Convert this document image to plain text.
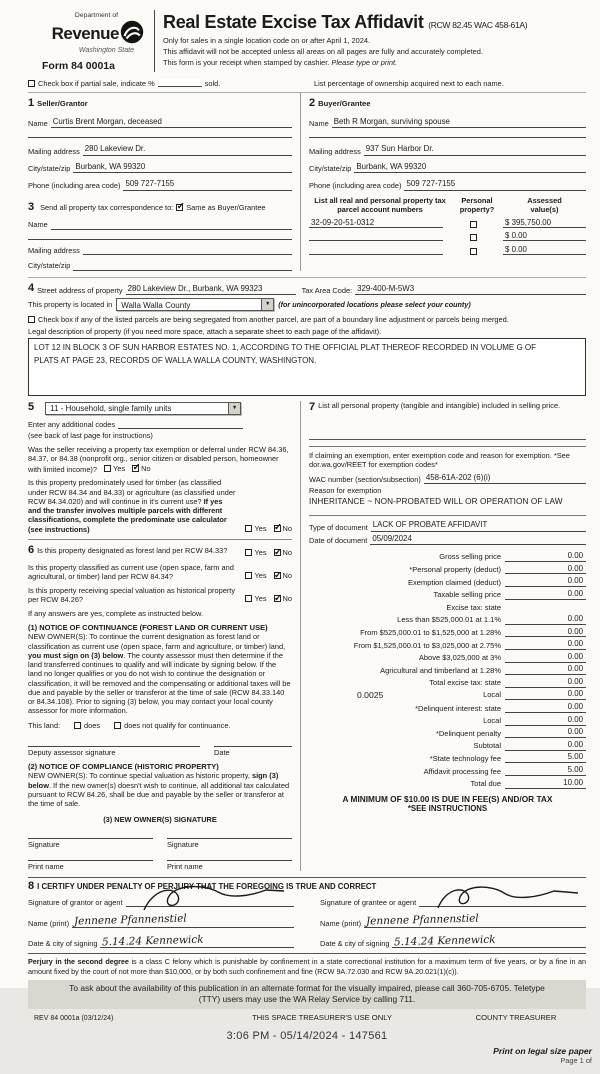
Department of
Revenue
Washington State
Form 84 0001a
Real Estate Excise Tax Affidavit (RCW 82.45 WAC 458-61A)
Only for sales in a single location code on or after April 1, 2024.
This affidavit will not be accepted unless all areas on all pages are fully and accurately completed.
This form is your receipt when stamped by cashier. Please type or print.
Check box if partial sale, indicate %	sold.	List percentage of ownership acquired next to each name.
1 Seller/Grantor
Name Curtis Brent Morgan, deceased
Mailing address 280 Lakeview Dr.
City/state/zip Burbank, WA 99320
Phone (including area code) 509 727-7155
3 Send all property tax correspondence to: ✓ Same as Buyer/Grantee
Name
Mailing address
City/state/zip
2 Buyer/Grantee
Name Beth R Morgan, surviving spouse
Mailing address 937 Sun Harbor Dr.
City/state/zip Burbank, WA 99320
Phone (including area code) 509 727-7155
List all real and personal property tax
parcel account numbers
Personal
property?
Assessed
value(s)
32-09-20-51-0312	$ 395,750.00
$ 0.00
$ 0.00
4 Street address of property 280 Lakeview Dr., Burbank, WA 99323	Tax Area Code: 329-400-M-5W3
This property is located in	Walla Walla County	▼	(for unincorporated locations please select your county)
Check box if any of the listed parcels are being segregated from another parcel, are part of a boundary line adjustment or parcels being merged.
Legal description of property (if you need more space, attach a separate sheet to each page of the affidavit).
LOT 12 IN BLOCK 3 OF SUN HARBOR ESTATES NO. 1, ACCORDING TO THE OFFICIAL PLAT THEREOF RECORDED IN VOLUME G OF
PLATS AT PAGE 23, RECORDS OF WALLA WALLA COUNTY, WASHINGTON.
5	11 - Household, single family units	▼
Enter any additional codes
(see back of last page for instructions)
Was the seller receiving a property tax exemption or deferral under RCW 84.36, 84.37, or 84.38 (nonprofit org., senior citizen or disabled person, homeowner with limited income)? Yes ✓ No
Is this property predominately used for timber (as classified under RCW 84.34 and 84.33) or agriculture (as classified under RCW 84.34.020) and will continue in it's current use? If yes and the transfer involves multiple parcels with different classifications, complete the predominate use calculator (see instructions)	Yes ✓ No
6 Is this property designated as forest land per RCW 84.33?	Yes ✓ No
Is this property classified as current use (open space, farm and agricultural, or timber) land per RCW 84.34?	Yes ✓ No
Is this property receiving special valuation as historical property per RCW 84.26?	Yes ✓ No
If any answers are yes, complete as instructed below.
(1) NOTICE OF CONTINUANCE (FOREST LAND OR CURRENT USE)
NEW OWNER(S): To continue the current designation as forest land or classification as current use (open space, farm and agriculture, or timber) land, you must sign on (3) below. The county assessor must then determine if the land transferred continues to qualify and will indicate by signing below. If the land no longer qualifies or you do not wish to continue the designation or classification, it will be removed and the compensating or additional taxes will be due and payable by the seller or transferor at the time of sale (RCW 84.33.140 or 84.34.108). Prior to signing (3) below, you may contact your local county assessor for more information.
This land:	does	does not qualify for continuance.
Deputy assessor signature	Date
(2) NOTICE OF COMPLIANCE (HISTORIC PROPERTY)
NEW OWNER(S): To continue special valuation as historic property, sign (3) below. If the new owner(s) doesn't wish to continue, all additional tax calculated pursuant to RCW 84.26, shall be due and payable by the seller or transferor at the time of sale.
(3) NEW OWNER(S) SIGNATURE
Signature	Signature
Print name	Print name
7 List all personal property (tangible and intangible) included in selling price.
If claiming an exemption, enter exemption code and reason for exemption. *See dor.wa.gov/REET for exemption codes*
WAC number (section/subsection) 458-61A-202 (6)(i)
Reason for exemption
INHERITANCE ~ NON-PROBATED WILL OR OPERATION OF LAW
Type of document LACK OF PROBATE AFFIDAVIT
Date of document 05/09/2024
Gross selling price	0.00
*Personal property (deduct)	0.00
Exemption claimed (deduct)	0.00
Taxable selling price	0.00
Excise tax: state
Less than $525,000.01 at 1.1%	0.00
From $525,000.01 to $1,525,000 at 1.28%	0.00
From $1,525,000.01 to $3,025,000 at 2.75%	0.00
Above $3,025,000 at 3%	0.00
Agricultural and timberland at 1.28%	0.00
Total excise tax: state	0.00
0.0025	Local	0.00
*Delinquent interest: state	0.00
Local	0.00
*Delinquent penalty	0.00
Subtotal	0.00
*State technology fee	5.00
Affidavit processing fee	5.00
Total due	10.00
A MINIMUM OF $10.00 IS DUE IN FEE(S) AND/OR TAX
*SEE INSTRUCTIONS
8 I CERTIFY UNDER PENALTY OF PERJURY THAT THE FOREGOING IS TRUE AND CORRECT
Signature of grantor or agent
Name (print) Jennene Pfannenstiel
Date & city of signing 5.14.24 Kennewick
Signature of grantee or agent
Name (print) Jennene Pfannenstiel
Date & city of signing 5.14.24 Kennewick
Perjury in the second degree is a class C felony which is punishable by confinement in a state correctional institution for a maximum term of five years, or by a fine in an amount fixed by the court of not more than $10,000, or by both such confinement and fine (RCW 9A.72.030 and RCW 9A.20.021(1)(c)).
To ask about the availability of this publication in an alternate format for the visually impaired, please call 360-705-6705. Teletype
(TTY) users may use the WA Relay Service by calling 711.
REV 84 0001a (03/12/24)	THIS SPACE TREASURER'S USE ONLY	COUNTY TREASURER
3:06 PM - 05/14/2024 - 147561
Print on legal size paper
Page 1 of
